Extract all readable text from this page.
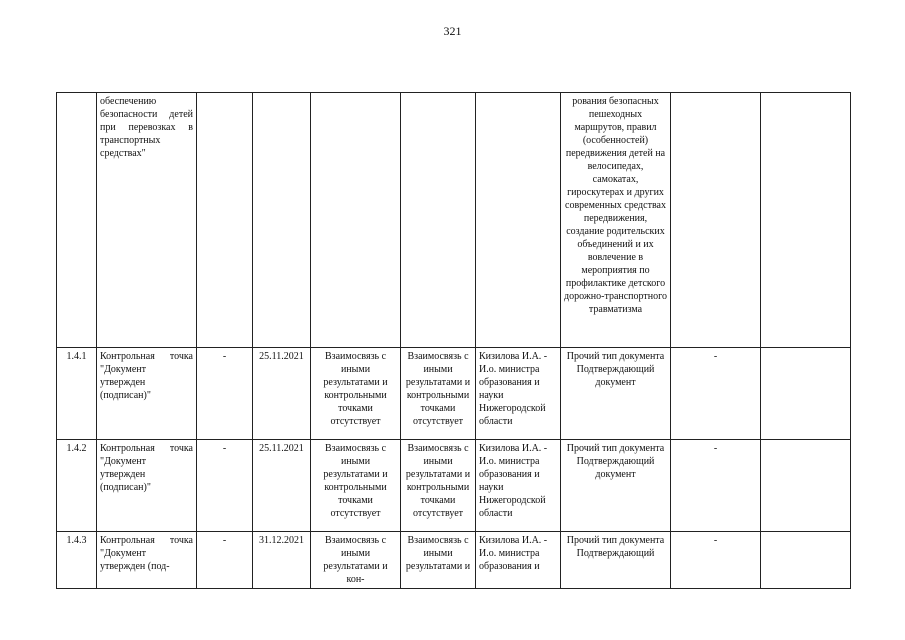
321
	обеспечению безопасности детей при перевозках в транспортных средствах"						рования безопасных пешеходных маршрутов, правил (особенностей) передвижения детей на велосипедах, самокатах, гироскутерах и других современных средствах передвижения, создание родительских объединений и их вовлечение в мероприятия по профилактике детского дорожно-транспортного травматизма		
1.4.1	Контрольная точка "Документ утвержден (подписан)"	-	25.11.2021	Взаимосвязь с иными результатами и контрольными точками отсутствует	Взаимосвязь с иными результатами и контрольными точками отсутствует	Кизилова И.А. - И.о. министра образования и науки Нижегородской области	Прочий тип документа Подтверждающий документ	-	
1.4.2	Контрольная точка "Документ утвержден (подписан)"	-	25.11.2021	Взаимосвязь с иными результатами и контрольными точками отсутствует	Взаимосвязь с иными результатами и контрольными точками отсутствует	Кизилова И.А. - И.о. министра образования и науки Нижегородской области	Прочий тип документа Подтверждающий документ	-	
1.4.3	Контрольная точка "Документ утвержден (под-	-	31.12.2021	Взаимосвязь с иными результатами и кон-	Взаимосвязь с иными результатами и	Кизилова И.А. - И.о. министра образования и	Прочий тип документа Подтверждающий	-	
